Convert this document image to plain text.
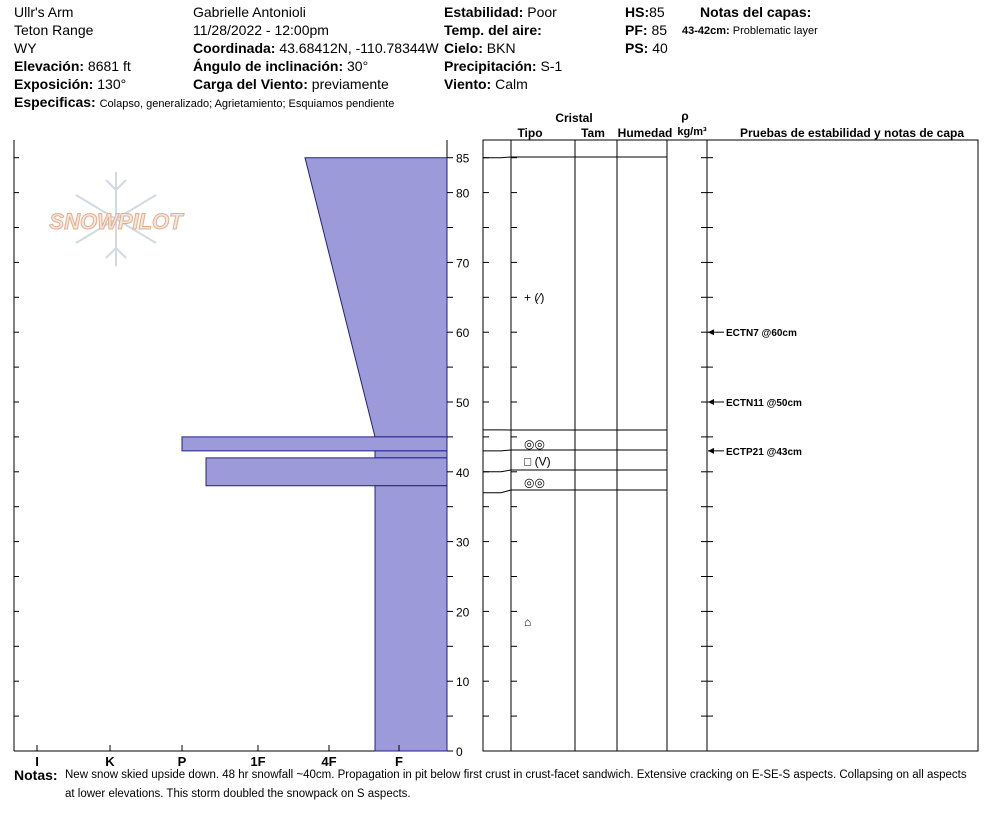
Ullr's Arm
Teton Range
WY
Elevación: 8681 ft
Exposición: 130°
Especificas: Colapso, generalizado; Agrietamiento; Esquiamos pendiente
Gabrielle Antonioli
11/28/2022 - 12:00pm
Coordinada: 43.68412N, -110.78344W
Ángulo de inclinación: 30°
Carga del Viento: previamente
Estabilidad: Poor
Temp. del aire:
Cielo: BKN
Precipitación: S-1
Viento: Calm
HS:85
PF: 85
PS: 40
Notas del capas:
43-42cm: Problematic layer
SNOWPILOT
I	K	P	1F	4F	F
0
10
20
30
40
50
60
70
80
85
Cristal
Tipo	Tam Humedad
ρ
kg/m³	Pruebas de estabilidad y notas de capa
+ (⁄)
◎◎
□ (V)
◎◎
⌂
ECTN7 @60cm
ECTN11 @50cm
ECTP21 @43cm
Notas: New snow skied upside down. 48 hr snowfall ~40cm. Propagation in pit below first crust in crust-facet sandwich. Extensive cracking on E-SE-S aspects. Collapsing on all aspects at lower elevations. This storm doubled the snowpack on S aspects.
